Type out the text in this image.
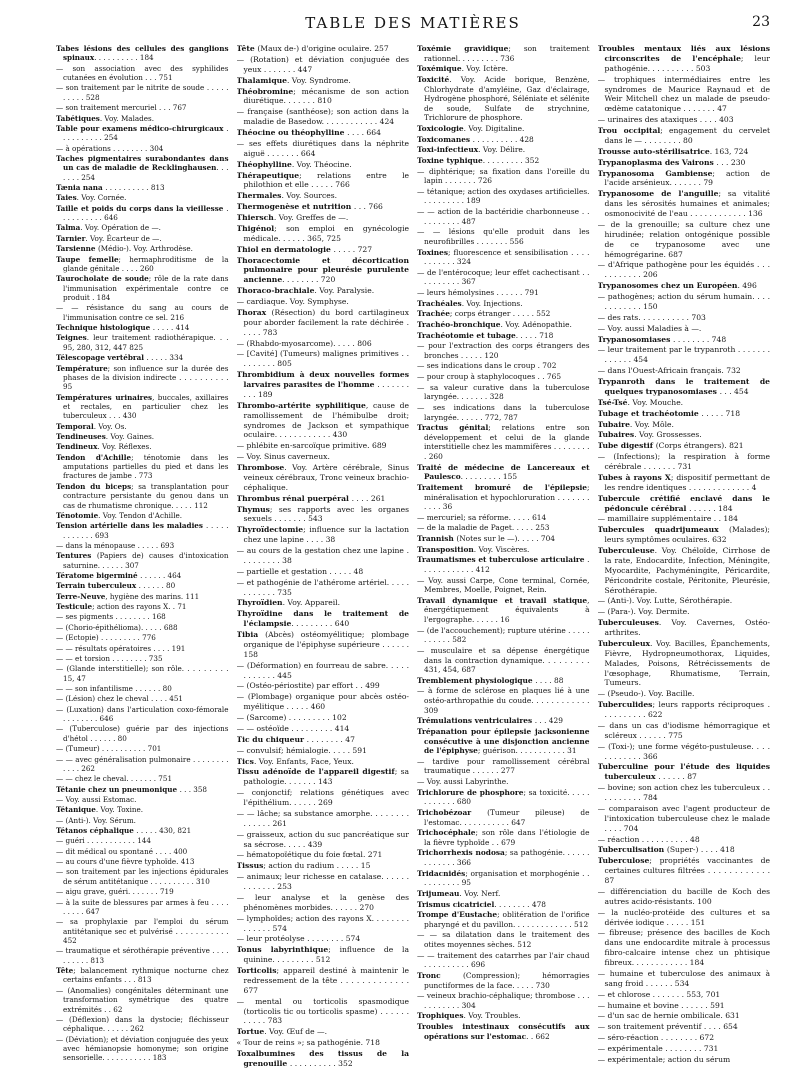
TABLE DES MATIÈRES	23
Tabes lésions des cellules des ganglions spinaux. . . . . . . . . . 184
— son association avec des syphilides cutanées en évolution . . . 751
— son traitement par le nitrite de soude . . . . . . . . . . 528
— son traitement mercuriel . . . 767
Tabétiques. Voy. Malades.
Table pour examens médico-chirurgicaux . . . . . . . . . . 254
— à opérations . . . . . . . . 304
Taches pigmentaires surabondantes dans un cas de maladie de Recklinghausen. . . . . . . 254
Tænia nana . . . . . . . . . . 813
Taies. Voy. Cornée.
Taille et poids du corps dans la vieillesse . . . . . . . . . . 646
Talma. Voy. Opération de —.
Tarnier. Voy. Écarteur de —.
Tarsienne (Médio-). Voy. Arthrodèse.
Taupe femelle; hermaphroditisme de la glande génitale . . . . 260
Taurocholate de soude; rôle de la rate dans l'immunisation expérimentale contre ce produit . 184
— — résistance du sang au cours de l'immunisation contre ce sel. 216
Technique histologique . . . . . 414
Teignes. leur traitement radiothérapique. . . 95, 280, 312, 447 825
Télescopage vertébral . . . . . 334
Température; son influence sur la durée des phases de la division indirecte . . . . . . . . . . 95
Températures urinaires, buccales, axillaires et rectales, en particulier chez les tuberculeux . . . 430
Temporal. Voy. Os.
Tendineuses. Voy. Gaines.
Tendineux. Voy. Réflexes.
Tendon d'Achille; ténotomie dans les amputations partielles du pied et dans les fractures de jambe . 773
Tendon du biceps; sa transplantation pour contracture persistante du genou dans un cas de rhumatisme chronique. . . . . 112
Ténotomie. Voy. Tendon d'Achille.
Tension artérielle dans les maladies . . . . . . . . . . . . 693
— dans la ménopause . . . . . 693
Tentures (Papiers de) causes d'intoxication saturnine. . . . . . 307
Tératome bigerminé . . . . . . 464
Terrain tuberculeux . . . . . . 80
Terre-Neuve, hygiène des marins. 111
Testicule; action des rayons X. . 71
— ses pigments . . . . . . . . 168
— (Chorio-épithélioma). . . . . 688
— (Ectopie) . . . . . . . . . 776
— — résultats opératoires . . . . 191
— — et torsion . . . . . . . . 735
— (Glande interstitielle); son rôle. . . . . . . . . 15, 47
— — son infantilisme . . . . . . 80
— (Lésion) chez le cheval . . . . 451
— (Luxation) dans l'articulation coxo-fémorale . . . . . . . . 646
— (Tuberculose) guérie par des injections d'hétol . . . . . . 80
— (Tumeur) . . . . . . . . . . 701
— — avec généralisation pulmonaire . . . . . . . . . . . . 262
— — chez le cheval. . . . . . . 751
Tétanie chez un pneumonique . . . 358
— Voy. aussi Estomac.
Tétanique. Voy. Toxine.
— (Anti-). Voy. Sérum.
Tétanos céphalique . . . . . 430, 821
— guéri . . . . . . . . . . . 144
— dit médical ou spontané . . . . 400
— au cours d'une fièvre typhoïde. 413
— son traitement par les injections épidurales de sérum antitétanique . . . . . . . . . . 310
— aigu grave, guéri. . . . . . . 719
— à la suite de blessures par armes à feu . . . . . . . . . 647
— sa prophylaxie par l'emploi du sérum antitétanique sec et pulvérisé . . . . . . . . . . . 452
— traumatique et sérothérapie préventive . . . . . . . . . . 813
Tête; balancement rythmique nocturne chez certains enfants . . . 813
— (Anomalies) congénitales déterminant une transformation symétrique des quatre extrémités . . 62
— (Déflexion) dans la dystocie; fléchisseur céphalique. . . . . . 262
— (Déviation); et déviation conjuguée des yeux avec hémianopsie homonyme; son origine sensorielle. . . . . . . . . . . 183
Tête (Maux de-) d'origine oculaire. 257
— (Rotation) et déviation conjuguée des yeux . . . . . . . 447
Thalamique. Voy. Syndrome.
Théobromine; mécanisme de son action diurétique. . . . . . . 810
— française (santhéose); son action dans la maladie de Basedow. . . . . . . . . . . . 424
Théocine ou théophylline . . . . 664
— ses effets diurétiques dans la néphrite aiguë . . . . . . . 664
Théophylline. Voy. Théocine.
Thérapeutique; relations entre le philothion et elle . . . . . 766
Thermales. Voy. Sources.
Thermogenèse et nutrition . . . 766
Thiersch. Voy. Greffes de —.
Thigénol; son emploi en gynécologie médicale. . . . . . 365, 725
Thiol en dermatologie . . . . . 727
Thoracectomie et décortication pulmonaire pour pleurésie purulente ancienne. . . . . . . . 720
Thoraco-brachiale. Voy. Paralysie.
— cardiaque. Voy. Symphyse.
Thorax (Résection) du bord cartilagineux pour aborder facilement la rate déchirée . . . . . 783
— (Rhabdo-myosarcome). . . . . 806
— [Cavité] (Tumeurs) malignes primitives . . . . . . . . . 805
Thrombidium à deux nouvelles formes larvaires parasites de l'homme . . . . . . . . . . 189
Thrombo-artérite syphilitique, cause de ramollissement de l'hémibulbe droit; syndromes de Jackson et sympathique oculaire. . . . . . . . . . . . 430
— phlébite en-sarcoïque primitive. 689
— Voy. Sinus caverneux.
Thrombose. Voy. Artère cérébrale, Sinus veineux cérébraux, Tronc veineux brachio-céphalique.
Thrombus rénal puerpéral . . . . 261
Thymus; ses rapports avec les organes sexuels . . . . . . . 543
Thyroïdectomie; influence sur la lactation chez une lapine . . . . 38
— au cours de la gestation chez une lapine . . . . . . . . . 38
— partielle et gestation . . . . . 48
— et pathogénie de l'athérome artériel. . . . . . . . . . . . 735
Thyroïdien. Voy. Appareil.
Thyroïdine dans le traitement de l'éclampsie. . . . . . . . . 640
Tibia (Abcès) ostéomyélitique; plombage organique de l'épiphyse supérieure . . . . . . 158
— (Déformation) en fourreau de sabre. . . . . . . . . . . . 445
— (Ostéo-périostite) par effort . . 499
— (Plombage) organique pour abcès ostéo-myélitique . . . . . 460
— (Sarcome) . . . . . . . . . 102
— — ostéoïde . . . . . . . . . 414
Tic du chiqueur . . . . . . . . 47
— convulsif; hémialogie. . . . . 591
Tics. Voy. Enfants, Face, Yeux.
Tissu adénoïde de l'appareil digestif; sa pathologie. . . . . . . 143
— conjonctif; relations génétiques avec l'épithélium. . . . . . 269
— — lâche; sa substance amorphe. . . . . . . . . . . . . . 261
— graisseux, action du suc pancréatique sur sa sécrose. . . . . 439
— hématopoïétique du foie fœtal. 271
Tissus; action du radium . . . . . 15
— animaux; leur richesse en catalase. . . . . . . . . . . . . 253
— leur analyse et la genèse des phénomènes morbides. . . . . . 270
— lymphoïdes; action des rayons X. . . . . . . . . . . . . . 574
— leur protéolyse . . . . . . . . 574
Tonus labyrinthique; influence de la quinine. . . . . . . . . 512
Torticolis; appareil destiné à maintenir le redressement de la tête . . . . . . . . . . . . . 677
— mental ou torticolis spasmodique (torticolis tic ou torticolis spasme) . . . . . . . . . . . 783
Tortue. Voy. Œuf de —.
« Tour de reins »; sa pathogénie. 718
Toxalbumines des tissus de la grenouille . . . . . . . . . . 352
Toxémie gravidique; son traitement rationnel. . . . . . . . . 736
Toxémique. Voy. Ictère.
Toxicité. Voy. Acide borique, Benzène, Chlorhydrate d'amyléine, Gaz d'éclairage, Hydrogène phosphoré, Séléniate et sélénite de soude, Sulfate de strychnine, Trichlorure de phosphore.
Toxicologie. Voy. Digitaline.
Toxicomanes . . . . . . . . . . 428
Toxi-infectieux. Voy. Délire.
Toxine typhique. . . . . . . . . 352
— diphtérique; sa fixation dans l'oreille du lapin . . . . . . . 726
— tétanique; action des oxydases artificielles. . . . . . . . . . 189
— — action de la bactéridie charbonneuse . . . . . . . . . . 487
— — lésions qu'elle produit dans les neurofibrilles . . . . . . . 556
Toxines; fluorescence et sensibilisation . . . . . . . . . . . 324
— de l'entérocoque; leur effet cachectisant . . . . . . . . . . 367
— leurs hémolysines . . . . . . 791
Trachéales. Voy. Injections.
Trachée; corps étranger . . . . . 552
Trachéo-bronchique. Voy. Adénopathie.
Trachéotomie et tubage. . . . . 718
— pour l'extraction des corps étrangers des bronches . . . . . 120
— ses indications dans le croup . 702
— pour croup à staphylocoques . . 765
— sa valeur curative dans la tuberculose laryngée. . . . . . . 328
— ses indications dans la tuberculose laryngée. . . . . . 772, 787
Tractus génital; relations entre son développement et celui de la glande interstitielle chez les mammifères . . . . . . . . . 260
Traité de médecine de Lancereaux et Paulesco. . . . . . . . . 155
Traitement bromuré de l'épilepsie; minéralisation et hypochloruration . . . . . . . . . . . 36
— mercuriel; sa réforme. . . . . 614
— de la maladie de Paget. . . . . 253
Trannish (Notes sur le —). . . . . 704
Transposition. Voy. Viscères.
Traumatismes et tuberculose articulaire . . . . . . . . . . . . 412
— Voy. aussi Carpe, Cone terminal, Cornée, Membres, Moelle, Poignet, Rein.
Travail dynamique et travail statique, énergétiquement équivalents à l'ergographe. . . . . . 16
— (de l'accouchement); rupture utérine . . . . . . . . . . . 582
— musculaire et sa dépense énergétique dans la contraction dynamique. . . . . . . . . 431, 454, 687
Tremblement physiologique . . . . 88
— à forme de sclérose en plaques lié à une ostéo-arthropathie du coude. . . . . . . . . . . . 309
Trémulations ventriculaires . . . 429
Trépanation pour épilepsie jacksonienne consécutive à une disjonction ancienne de l'épiphyse; guérison. . . . . . . . . . . 31
— tardive pour ramollissement cérébral traumatique . . . . . . 277
— Voy. aussi Labyrinthe.
Trichlorure de phosphore; sa toxicité. . . . . . . . . . . . 680
Trichobézoar (Tumeur pileuse) de l'estomac. . . . . . . . . . . 647
Trichocéphale; son rôle dans l'étiologie de la fièvre typhoïde . . 679
Trichorrhexis nodosa; sa pathogénie. . . . . . . . . . . . . 366
Tridacnidés; organisation et morphogénie . . . . . . . . . . 95
Trijumeau. Voy. Nerf.
Trismus cicatriciel. . . . . . . . 478
Trompe d'Eustache; oblitération de l'orifice pharyngé et du pavillon. . . . . . . . . . . . . 512
— — sa dilatation dans le traitement des otites moyennes sèches. 512
— — traitement des catarrhes par l'air chaud . . . . . . . . . . 696
Tronc (Compression); hémorragies punctiformes de la face. . . . . 730
— veineux brachio-céphalique; thrombose . . . . . . . . . . . 304
Trophiques. Voy. Troubles.
Troubles intestinaux consécutifs aux opérations sur l'estomac. . 662
Troubles mentaux liés aux lésions circonscrites de l'encéphale; leur pathogénie. . . . . . . . . . 503
— trophiques intermédiaires entre les syndromes de Maurice Raynaud et de Weir Mitchell chez un malade de pseudo-œdème catatonique . . . . . . . 47
— urinaires des ataxiques . . . . 403
Trou occipital; engagement du cervelet dans le — . . . . . . . . 80
Trousse auto-stérilisatrice. 163, 724
Trypanoplasma des Vairons . . . 230
Trypanosoma Gambiense; action de l'acide arsénieux. . . . . . . 79
Trypanosome de l'anguille; sa vitalité dans les sérosités humaines et animales; osmonocivité de l'eau . . . . . . . . . . . . 136
— de la grenouille; sa culture chez une hirudinée; relation ontogénique possible de ce trypanosome avec une hémogrégarine. 687
— d'Afrique pathogène pour les équidés . . . . . . . . . . . 206
Trypanosomes chez un Européen. 496
— pathogènes; action du sérum humain. . . . . . . . . . . . 150
— des rats. . . . . . . . . . . 703
— Voy. aussi Maladies à —.
Trypanosomiases . . . . . . . . 748
— leur traitement par le trypanroth . . . . . . . . . . . . . 454
— dans l'Ouest-Africain français. 732
Trypanroth dans le traitement de quelques trypanosomiases . . . 454
Tsé-Tsé. Voy. Mouche.
Tubage et trachéotomie . . . . . 718
Tubaire. Voy. Môle.
Tubaires. Voy. Grossesses.
Tube digestif (Corps étrangers). 821
— (Infections); la respiration à forme cérébrale . . . . . . . 731
Tubes à rayons X; dispositif permettant de les rendre identiques . . . . . . . . . . . . . 4
Tubercule crétifié enclavé dans le pédoncule cérébral . . . . . . 184
— mamillaire supplémentaire . . 184
Tubercules quadrijumeaux (Malades); leurs symptômes oculaires. 632
Tuberculeuse. Voy. Chéloïde, Cirrhose de la rate, Endocardite, Infection, Méningite, Myocardite, Pachyméningite, Péricardite, Péricondrite costale, Péritonite, Pleurésie, Sérothérapie.
— (Anti-). Voy. Lutte, Sérothérapie.
— (Para-). Voy. Dermite.
Tuberculeuses. Voy. Cavernes, Ostéo-arthrites.
Tuberculeux. Voy. Bacilles, Épanchements, Fièvre, Hydropneumothorax, Liquides, Malades, Poisons, Rétrécissements de l'œsophage, Rhumatisme, Terrain, Tumeurs.
— (Pseudo-). Voy. Bacille.
Tuberculides; leurs rapports réciproques . . . . . . . . . . 622
— dans un cas d'iodisme hémorragique et scléreux . . . . . . 775
— (Toxi-); une forme végéto-pustuleuse. . . . . . . . . . . . 366
Tuberculine pour l'étude des liquides tuberculeux . . . . . . 87
— bovine; son action chez les tuberculeux . . . . . . . . . . 784
— comparaison avec l'agent producteur de l'intoxication tuberculeuse chez le malade . . . . 704
— réaction . . . . . . . . . . 48
Tuberculisation (Super-) . . . . 418
Tuberculose; propriétés vaccinantes de certaines cultures filtrées . . . . . . . . . . . . 87
— différenciation du bacille de Koch des autres acido-résistants. 100
— la nucléo-protéide des cultures et sa dérivée iodique . . . . . 151
— fibreuse; présence des bacilles de Koch dans une endocardite mitrale à processus fibro-calcaire intense chez un phtisique fibreux. . . . . . . . . . . . 184
— humaine et tuberculose des animaux à sang froid . . . . . . 534
— et chlorose . . . . . . . 553, 701
— humaine et bovine . . . . . . 591
— d'un sac de hernie ombilicale. 631
— son traitement préventif . . . . 654
— séro-réaction . . . . . . . . 672
— expérimentale . . . . . . . . 731
— expérimentale; action du sérum
